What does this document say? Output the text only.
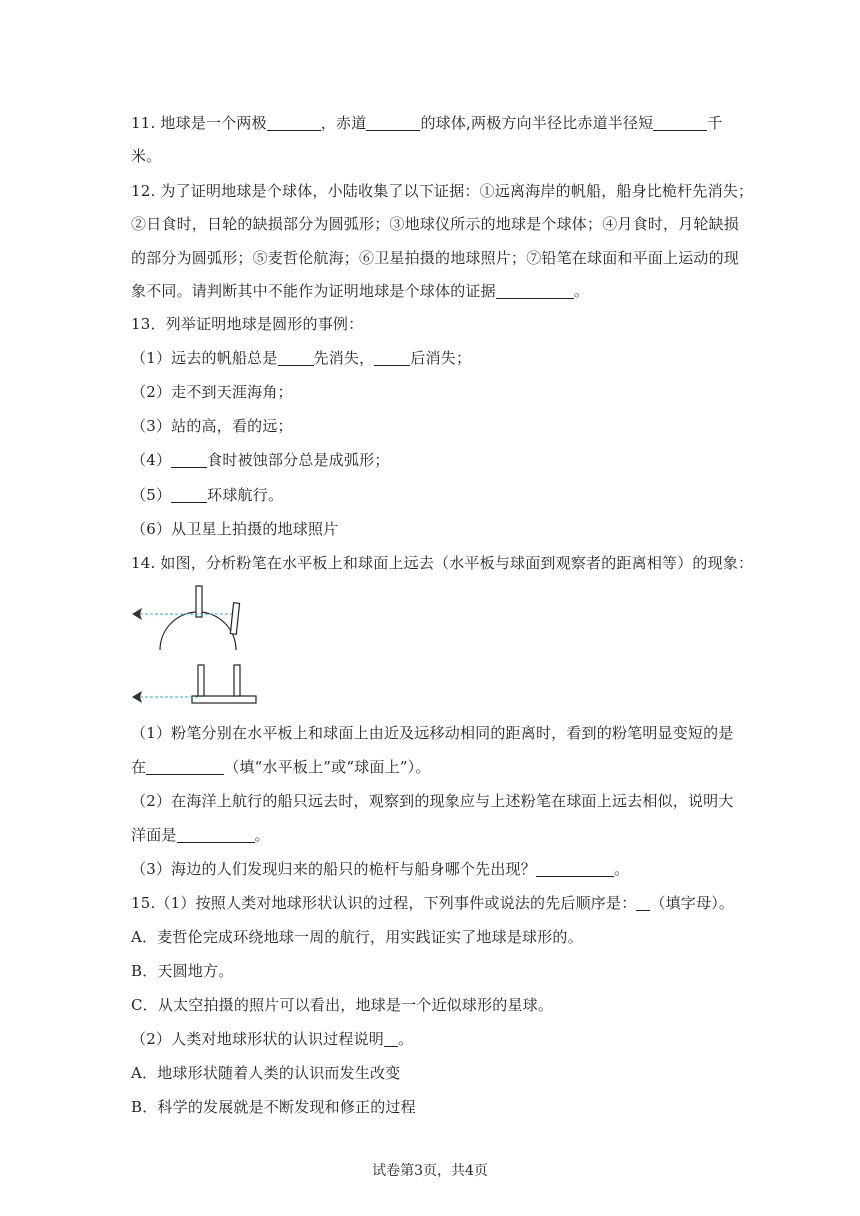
11. 地球是一个两极	，赤道	的球体,两极方向半径比赤道半径短	千
米。
12. 为了证明地球是个球体，小陆收集了以下证据：①远离海岸的帆船，船身比桅杆先消失；
②日食时，日轮的缺损部分为圆弧形；③地球仪所示的地球是个球体；④月食时，月轮缺损
的部分为圆弧形；⑤麦哲伦航海；⑥卫星拍摄的地球照片；⑦铅笔在球面和平面上运动的现
象不同。请判断其中不能作为证明地球是个球体的证据	。
13．列举证明地球是圆形的事例：
（1）远去的帆船总是 先消失， 后消失；
（2）走不到天涯海角；
（3）站的高，看的远；
（4） 食时被蚀部分总是成弧形；
（5） 环球航行。
（6）从卫星上拍摄的地球照片
14. 如图，分析粉笔在水平板上和球面上远去（水平板与球面到观察者的距离相等）的现象：
（1）粉笔分别在水平板上和球面上由近及远移动相同的距离时，看到的粉笔明显变短的是
在	（填“水平板上”或“球面上”）。
（2）在海洋上航行的船只远去时，观察到的现象应与上述粉笔在球面上远去相似，说明大
洋面是	。
（3）海边的人们发现归来的船只的桅杆与船身哪个先出现？	。
15.（1）按照人类对地球形状认识的过程，下列事件或说法的先后顺序是： （填字母）。
A．麦哲伦完成环绕地球一周的航行，用实践证实了地球是球形的。
B．天圆地方。
C．从太空拍摄的照片可以看出，地球是一个近似球形的星球。
（2）人类对地球形状的认识过程说明 。
A．地球形状随着人类的认识而发生改变
B．科学的发展就是不断发现和修正的过程
试卷第3页，共4页
